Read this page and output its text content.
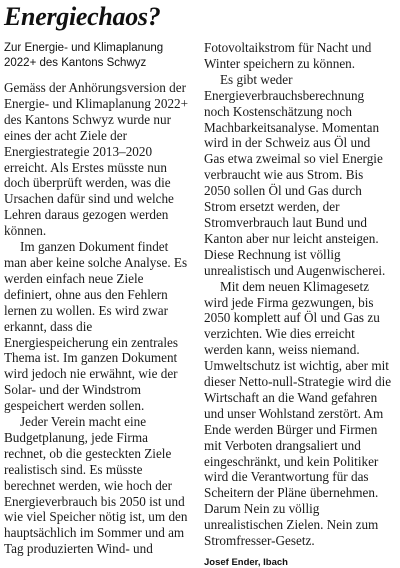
Energiechaos?

Zur Energie- und Klimaplanung 2022+ des Kantons Schwyz

Gemäss der Anhörungsversion der Energie- und Klimaplanung 2022+ des Kantons Schwyz wurde nur eines der acht Ziele der Energiestrategie 2013–2020 erreicht. Als Erstes müsste nun doch überprüft werden, was die Ursachen dafür sind und welche Lehren daraus gezogen werden können.

Im ganzen Dokument findet man aber keine solche Analyse. Es werden einfach neue Ziele definiert, ohne aus den Fehlern lernen zu wollen. Es wird zwar erkannt, dass die Energiespeicherung ein zentrales Thema ist. Im ganzen Dokument wird jedoch nie erwähnt, wie der Solar- und der Windstrom gespeichert werden sollen.

Jeder Verein macht eine Budgetplanung, jede Firma rechnet, ob die gesteckten Ziele realistisch sind. Es müsste berechnet werden, wie hoch der Energieverbrauch bis 2050 ist und wie viel Speicher nötig ist, um den hauptsächlich im Sommer und am Tag produzierten Wind- und

Fotovoltaikstrom für Nacht und Winter speichern zu können.

Es gibt weder Energieverbrauchsberechnung noch Kostenschätzung noch Machbarkeitsanalyse. Momentan wird in der Schweiz aus Öl und Gas etwa zweimal so viel Energie verbraucht wie aus Strom. Bis 2050 sollen Öl und Gas durch Strom ersetzt werden, der Stromverbrauch laut Bund und Kanton aber nur leicht ansteigen. Diese Rechnung ist völlig unrealistisch und Augenwischerei.

Mit dem neuen Klimagesetz wird jede Firma gezwungen, bis 2050 komplett auf Öl und Gas zu verzichten. Wie dies erreicht werden kann, weiss niemand. Umweltschutz ist wichtig, aber mit dieser Netto-null-Strategie wird die Wirtschaft an die Wand gefahren und unser Wohlstand zerstört. Am Ende werden Bürger und Firmen mit Verboten drangsaliert und eingeschränkt, und kein Politiker wird die Verantwortung für das Scheitern der Pläne übernehmen. Darum Nein zu völlig unrealistischen Zielen. Nein zum Stromfresser-Gesetz.

Josef Ender, Ibach
